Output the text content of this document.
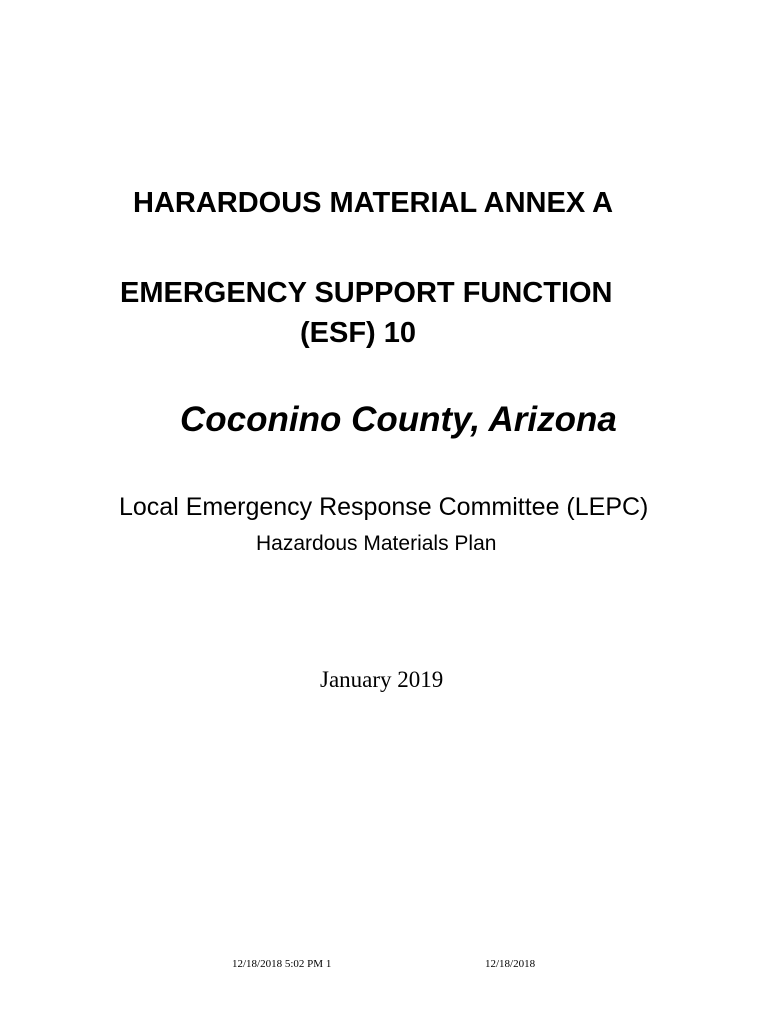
HARARDOUS MATERIAL ANNEX A
EMERGENCY SUPPORT FUNCTION
(ESF) 10
Coconino County, Arizona

Local Emergency Response Committee (LEPC)

Hazardous Materials Plan

January 2019

12/18/2018 5:02 PM 1	12/18/2018
